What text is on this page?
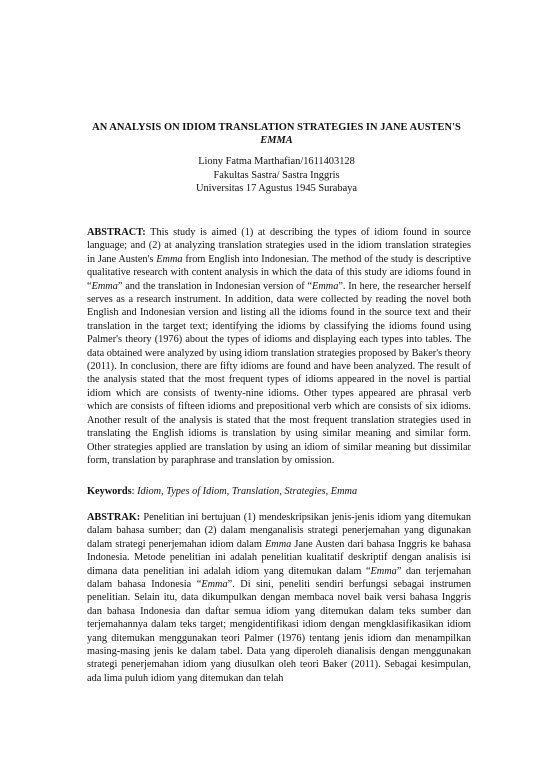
AN ANALYSIS ON IDIOM TRANSLATION STRATEGIES IN JANE AUSTEN'S
EMMA
Liony Fatma Marthafian/1611403128
Fakultas Sastra/ Sastra Inggris
Universitas 17 Agustus 1945 Surabaya
ABSTRACT: This study is aimed (1) at describing the types of idiom found in source language; and (2) at analyzing translation strategies used in the idiom translation strategies in Jane Austen's Emma from English into Indonesian. The method of the study is descriptive qualitative research with content analysis in which the data of this study are idioms found in “Emma” and the translation in Indonesian version of “Emma”. In here, the researcher herself serves as a research instrument. In addition, data were collected by reading the novel both English and Indonesian version and listing all the idioms found in the source text and their translation in the target text; identifying the idioms by classifying the idioms found using Palmer's theory (1976) about the types of idioms and displaying each types into tables. The data obtained were analyzed by using idiom translation strategies proposed by Baker's theory (2011). In conclusion, there are fifty idioms are found and have been analyzed. The result of the analysis stated that the most frequent types of idioms appeared in the novel is partial idiom which are consists of twenty-nine idioms. Other types appeared are phrasal verb which are consists of fifteen idioms and prepositional verb which are consists of six idioms. Another result of the analysis is stated that the most frequent translation strategies used in translating the English idioms is translation by using similar meaning and similar form. Other strategies applied are translation by using an idiom of similar meaning but dissimilar form, translation by paraphrase and translation by omission.
Keywords: Idiom, Types of Idiom, Translation, Strategies, Emma
ABSTRAK: Penelitian ini bertujuan (1) mendeskripsikan jenis-jenis idiom yang ditemukan dalam bahasa sumber; dan (2) dalam menganalisis strategi penerjemahan yang digunakan dalam strategi penerjemahan idiom dalam Emma Jane Austen dari bahasa Inggris ke bahasa Indonesia. Metode penelitian ini adalah penelitian kualitatif deskriptif dengan analisis isi dimana data penelitian ini adalah idiom yang ditemukan dalam “Emma” dan terjemahan dalam bahasa Indonesia “Emma”. Di sini, peneliti sendiri berfungsi sebagai instrumen penelitian. Selain itu, data dikumpulkan dengan membaca novel baik versi bahasa Inggris dan bahasa Indonesia dan daftar semua idiom yang ditemukan dalam teks sumber dan terjemahannya dalam teks target; mengidentifikasi idiom dengan mengklasifikasikan idiom yang ditemukan menggunakan teori Palmer (1976) tentang jenis idiom dan menampilkan masing-masing jenis ke dalam tabel. Data yang diperoleh dianalisis dengan menggunakan strategi penerjemahan idiom yang diusulkan oleh teori Baker (2011). Sebagai kesimpulan, ada lima puluh idiom yang ditemukan dan telah
